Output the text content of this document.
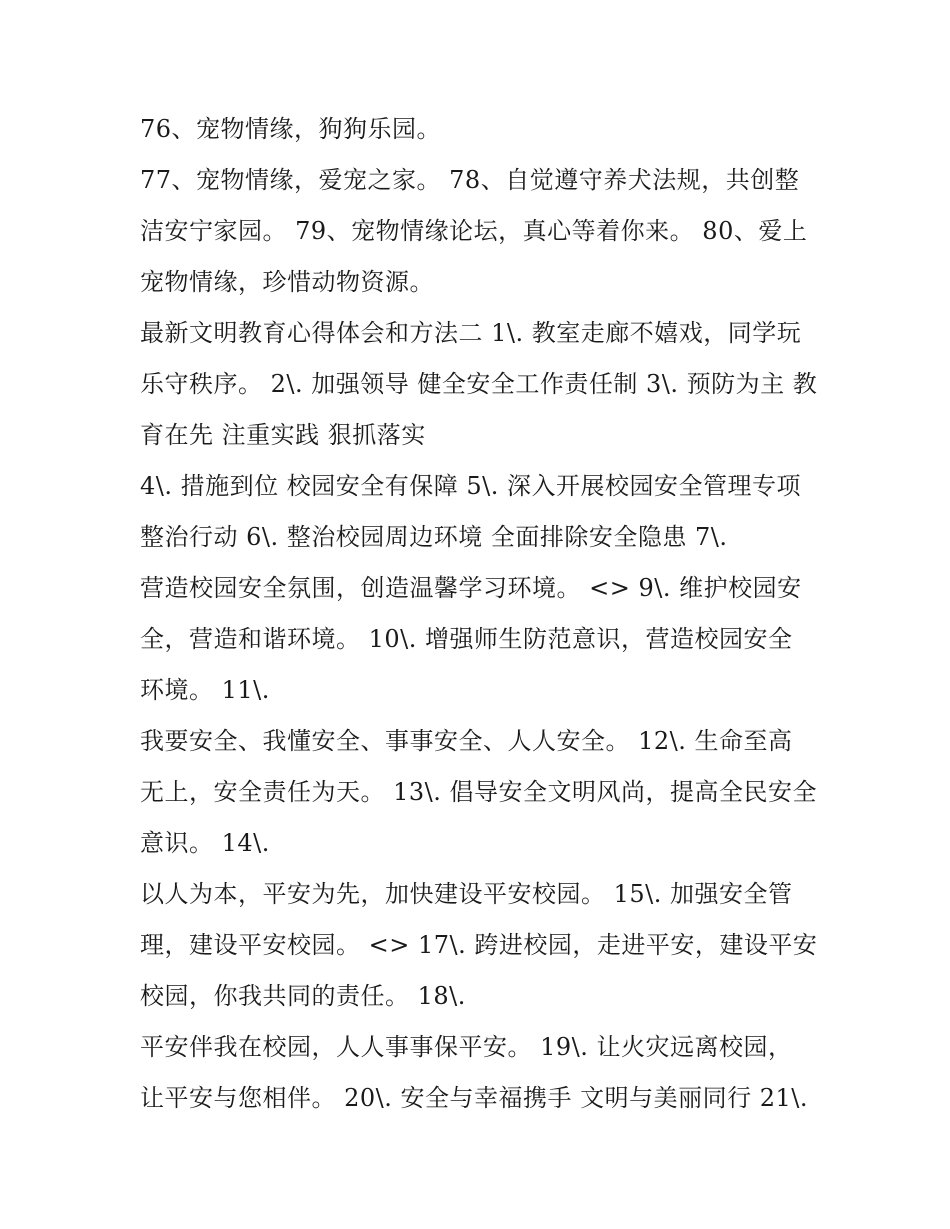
76、宠物情缘，狗狗乐园。
77、宠物情缘，爱宠之家。 78、自觉遵守养犬法规，共创整
洁安宁家园。 79、宠物情缘论坛，真心等着你来。 80、爱上
宠物情缘，珍惜动物资源。
最新文明教育心得体会和方法二 1\. 教室走廊不嬉戏，同学玩
乐守秩序。 2\. 加强领导 健全安全工作责任制 3\. 预防为主 教
育在先 注重实践 狠抓落实
4\. 措施到位 校园安全有保障 5\. 深入开展校园安全管理专项
整治行动 6\. 整治校园周边环境 全面排除安全隐患 7\.
营造校园安全氛围，创造温馨学习环境。 <> 9\. 维护校园安
全，营造和谐环境。 10\. 增强师生防范意识，营造校园安全
环境。 11\.
我要安全、我懂安全、事事安全、人人安全。 12\. 生命至高
无上，安全责任为天。 13\. 倡导安全文明风尚，提高全民安全
意识。 14\.
以人为本，平安为先，加快建设平安校园。 15\. 加强安全管
理，建设平安校园。 <> 17\. 跨进校园，走进平安，建设平安
校园，你我共同的责任。 18\.
平安伴我在校园，人人事事保平安。 19\. 让火灾远离校园，
让平安与您相伴。 20\. 安全与幸福携手 文明与美丽同行 21\.
